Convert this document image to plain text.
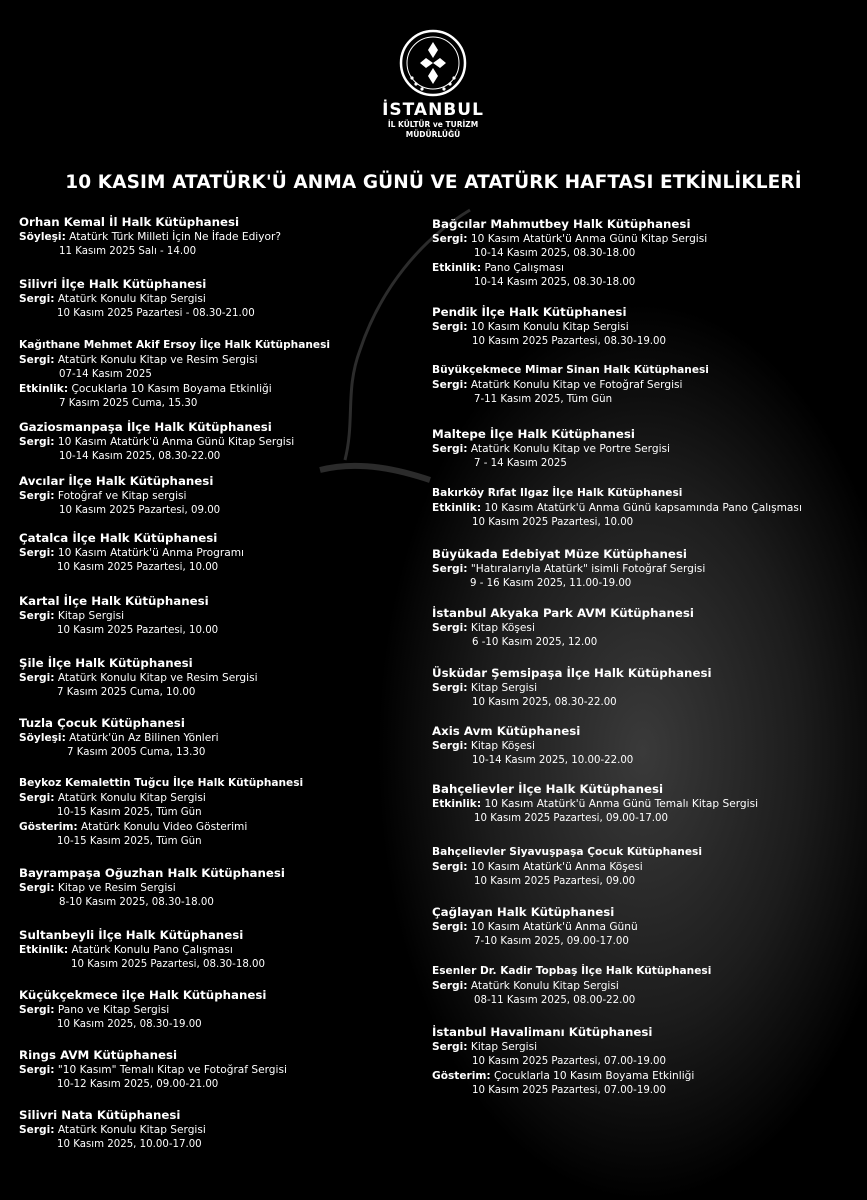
İSTANBUL
İL KÜLTÜR ve TURİZM
MÜDÜRLÜĞÜ
10 KASIM ATATÜRK'Ü ANMA GÜNÜ VE ATATÜRK HAFTASI ETKİNLİKLERİ
Orhan Kemal İl Halk Kütüphanesi
Söyleşi: Atatürk Türk Milleti İçin Ne İfade Ediyor?
11 Kasım 2025 Salı - 14.00
Silivri İlçe Halk Kütüphanesi
Sergi: Atatürk Konulu Kitap Sergisi
10 Kasım 2025 Pazartesi - 08.30-21.00
Kağıthane Mehmet Akif Ersoy İlçe Halk Kütüphanesi
Sergi: Atatürk Konulu Kitap ve Resim Sergisi
07-14 Kasım 2025
Etkinlik: Çocuklarla 10 Kasım Boyama Etkinliği
7 Kasım 2025 Cuma, 15.30
Gaziosmanpaşa İlçe Halk Kütüphanesi
Sergi: 10 Kasım Atatürk'ü Anma Günü Kitap Sergisi
10-14 Kasım 2025, 08.30-22.00
Avcılar İlçe Halk Kütüphanesi
Sergi: Fotoğraf ve Kitap sergisi
10 Kasım 2025 Pazartesi, 09.00
Çatalca İlçe Halk Kütüphanesi
Sergi: 10 Kasım Atatürk'ü Anma Programı
10 Kasım 2025 Pazartesi, 10.00
Kartal İlçe Halk Kütüphanesi
Sergi: Kitap Sergisi
10 Kasım 2025 Pazartesi, 10.00
Şile İlçe Halk Kütüphanesi
Sergi: Atatürk Konulu Kitap ve Resim Sergisi
7 Kasım 2025 Cuma, 10.00
Tuzla Çocuk Kütüphanesi
Söyleşi: Atatürk'ün Az Bilinen Yönleri
7 Kasım 2005 Cuma, 13.30
Beykoz Kemalettin Tuğcu İlçe Halk Kütüphanesi
Sergi: Atatürk Konulu Kitap Sergisi
10-15 Kasım 2025, Tüm Gün
Gösterim: Atatürk Konulu Video Gösterimi
10-15 Kasım 2025, Tüm Gün
Bayrampaşa Oğuzhan Halk Kütüphanesi
Sergi: Kitap ve Resim Sergisi
8-10 Kasım 2025, 08.30-18.00
Sultanbeyli İlçe Halk Kütüphanesi
Etkinlik: Atatürk Konulu Pano Çalışması
10 Kasım 2025 Pazartesi, 08.30-18.00
Küçükçekmece ilçe Halk Kütüphanesi
Sergi: Pano ve Kitap Sergisi
10 Kasım 2025, 08.30-19.00
Rings AVM Kütüphanesi
Sergi: "10 Kasım" Temalı Kitap ve Fotoğraf Sergisi
10-12 Kasım 2025, 09.00-21.00
Silivri Nata Kütüphanesi
Sergi: Atatürk Konulu Kitap Sergisi
10 Kasım 2025, 10.00-17.00
Bağcılar Mahmutbey Halk Kütüphanesi
Sergi: 10 Kasım Atatürk'ü Anma Günü Kitap Sergisi
10-14 Kasım 2025, 08.30-18.00
Etkinlik: Pano Çalışması
10-14 Kasım 2025, 08.30-18.00
Pendik İlçe Halk Kütüphanesi
Sergi: 10 Kasım Konulu Kitap Sergisi
10 Kasım 2025 Pazartesi, 08.30-19.00
Büyükçekmece Mimar Sinan Halk Kütüphanesi
Sergi: Atatürk Konulu Kitap ve Fotoğraf Sergisi
7-11 Kasım 2025, Tüm Gün
Maltepe İlçe Halk Kütüphanesi
Sergi: Atatürk Konulu Kitap ve Portre Sergisi
7 - 14 Kasım 2025
Bakırköy Rıfat Ilgaz İlçe Halk Kütüphanesi
Etkinlik: 10 Kasım Atatürk'ü Anma Günü kapsamında Pano Çalışması
10 Kasım 2025 Pazartesi, 10.00
Büyükada Edebiyat Müze Kütüphanesi
Sergi: "Hatıralarıyla Atatürk" isimli Fotoğraf Sergisi
9 - 16 Kasım 2025, 11.00-19.00
İstanbul Akyaka Park AVM Kütüphanesi
Sergi: Kitap Köşesi
6 -10 Kasım 2025, 12.00
Üsküdar Şemsipaşa İlçe Halk Kütüphanesi
Sergi: Kitap Sergisi
10 Kasım 2025, 08.30-22.00
Axis Avm Kütüphanesi
Sergi: Kitap Köşesi
10-14 Kasım 2025, 10.00-22.00
Bahçelievler İlçe Halk Kütüphanesi
Etkinlik: 10 Kasım Atatürk'ü Anma Günü Temalı Kitap Sergisi
10 Kasım 2025 Pazartesi, 09.00-17.00
Bahçelievler Siyavuşpaşa Çocuk Kütüphanesi
Sergi: 10 Kasım Atatürk'ü Anma Köşesi
10 Kasım 2025 Pazartesi, 09.00
Çağlayan Halk Kütüphanesi
Sergi: 10 Kasım Atatürk'ü Anma Günü
7-10 Kasım 2025, 09.00-17.00
Esenler Dr. Kadir Topbaş İlçe Halk Kütüphanesi
Sergi: Atatürk Konulu Kitap Sergisi
08-11 Kasım 2025, 08.00-22.00
İstanbul Havalimanı Kütüphanesi
Sergi: Kitap Sergisi
10 Kasım 2025 Pazartesi, 07.00-19.00
Gösterim: Çocuklarla 10 Kasım Boyama Etkinliği
10 Kasım 2025 Pazartesi, 07.00-19.00
